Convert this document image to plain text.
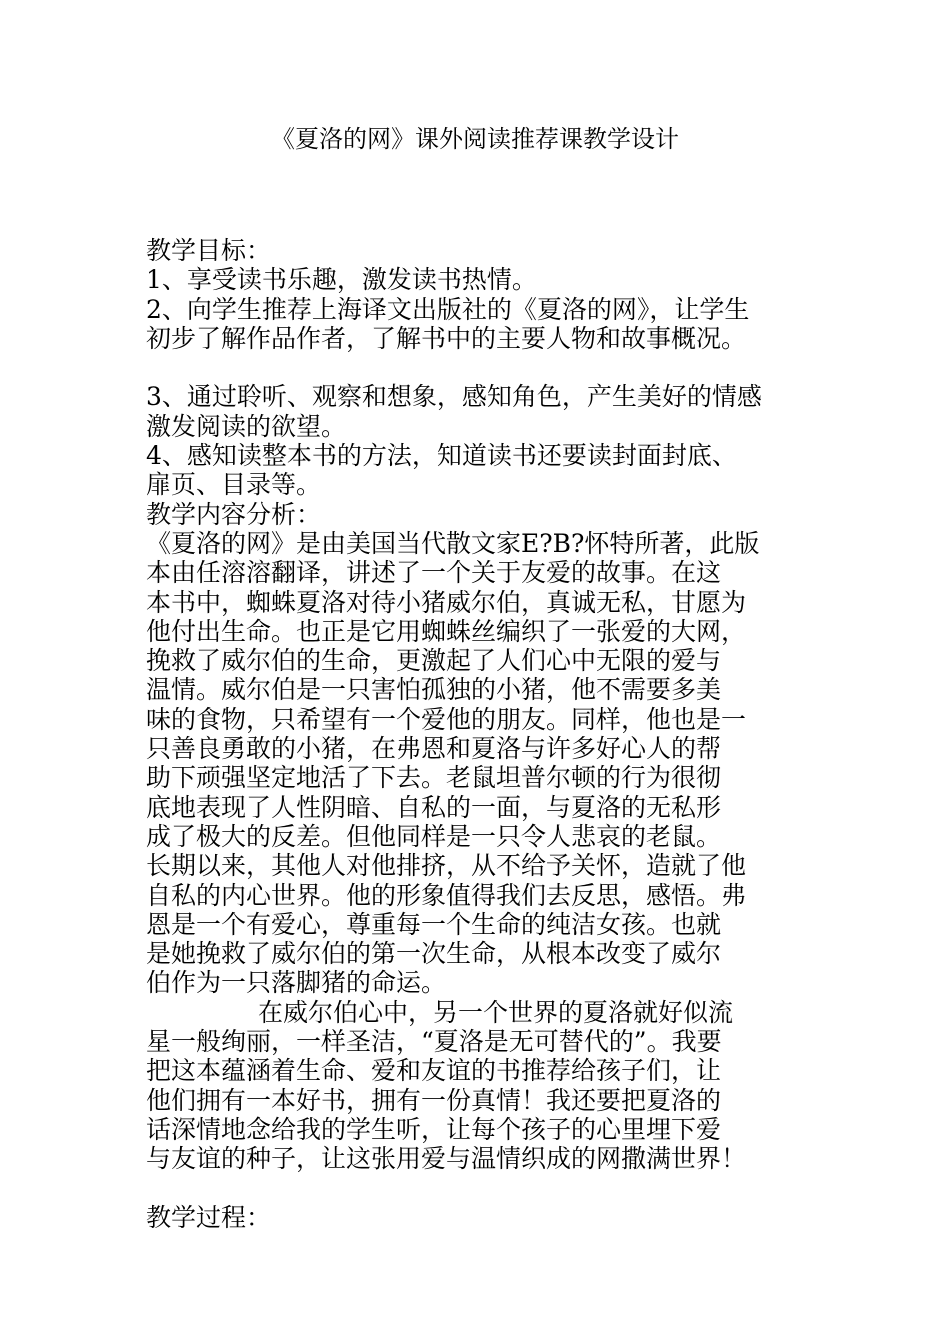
《夏洛的网》课外阅读推荐课教学设计
教学目标：
1、享受读书乐趣，激发读书热情。
2、向学生推荐上海译文出版社的《夏洛的网》，让学生
初步了解作品作者，了解书中的主要人物和故事概况。
3、通过聆听、观察和想象，感知角色，产生美好的情感
激发阅读的欲望。
4、感知读整本书的方法，知道读书还要读封面封底、
扉页、目录等。
教学内容分析：
《夏洛的网》是由美国当代散文家E?B?怀特所著，此版
本由任溶溶翻译，讲述了一个关于友爱的故事。在这
本书中，蜘蛛夏洛对待小猪威尔伯，真诚无私，甘愿为
他付出生命。也正是它用蜘蛛丝编织了一张爱的大网，
挽救了威尔伯的生命，更激起了人们心中无限的爱与
温情。威尔伯是一只害怕孤独的小猪，他不需要多美
味的食物，只希望有一个爱他的朋友。同样，他也是一
只善良勇敢的小猪，在弗恩和夏洛与许多好心人的帮
助下顽强坚定地活了下去。老鼠坦普尔顿的行为很彻
底地表现了人性阴暗、自私的一面，与夏洛的无私形
成了极大的反差。但他同样是一只令人悲哀的老鼠。
长期以来，其他人对他排挤，从不给予关怀，造就了他
自私的内心世界。他的形象值得我们去反思，感悟。弗
恩是一个有爱心，尊重每一个生命的纯洁女孩。也就
是她挽救了威尔伯的第一次生命，从根本改变了威尔
伯作为一只落脚猪的命运。
在威尔伯心中，另一个世界的夏洛就好似流
星一般绚丽，一样圣洁，“夏洛是无可替代的”。我要
把这本蕴涵着生命、爱和友谊的书推荐给孩子们，让
他们拥有一本好书，拥有一份真情！我还要把夏洛的
话深情地念给我的学生听，让每个孩子的心里埋下爱
与友谊的种子，让这张用爱与温情织成的网撒满世界！
教学过程：
